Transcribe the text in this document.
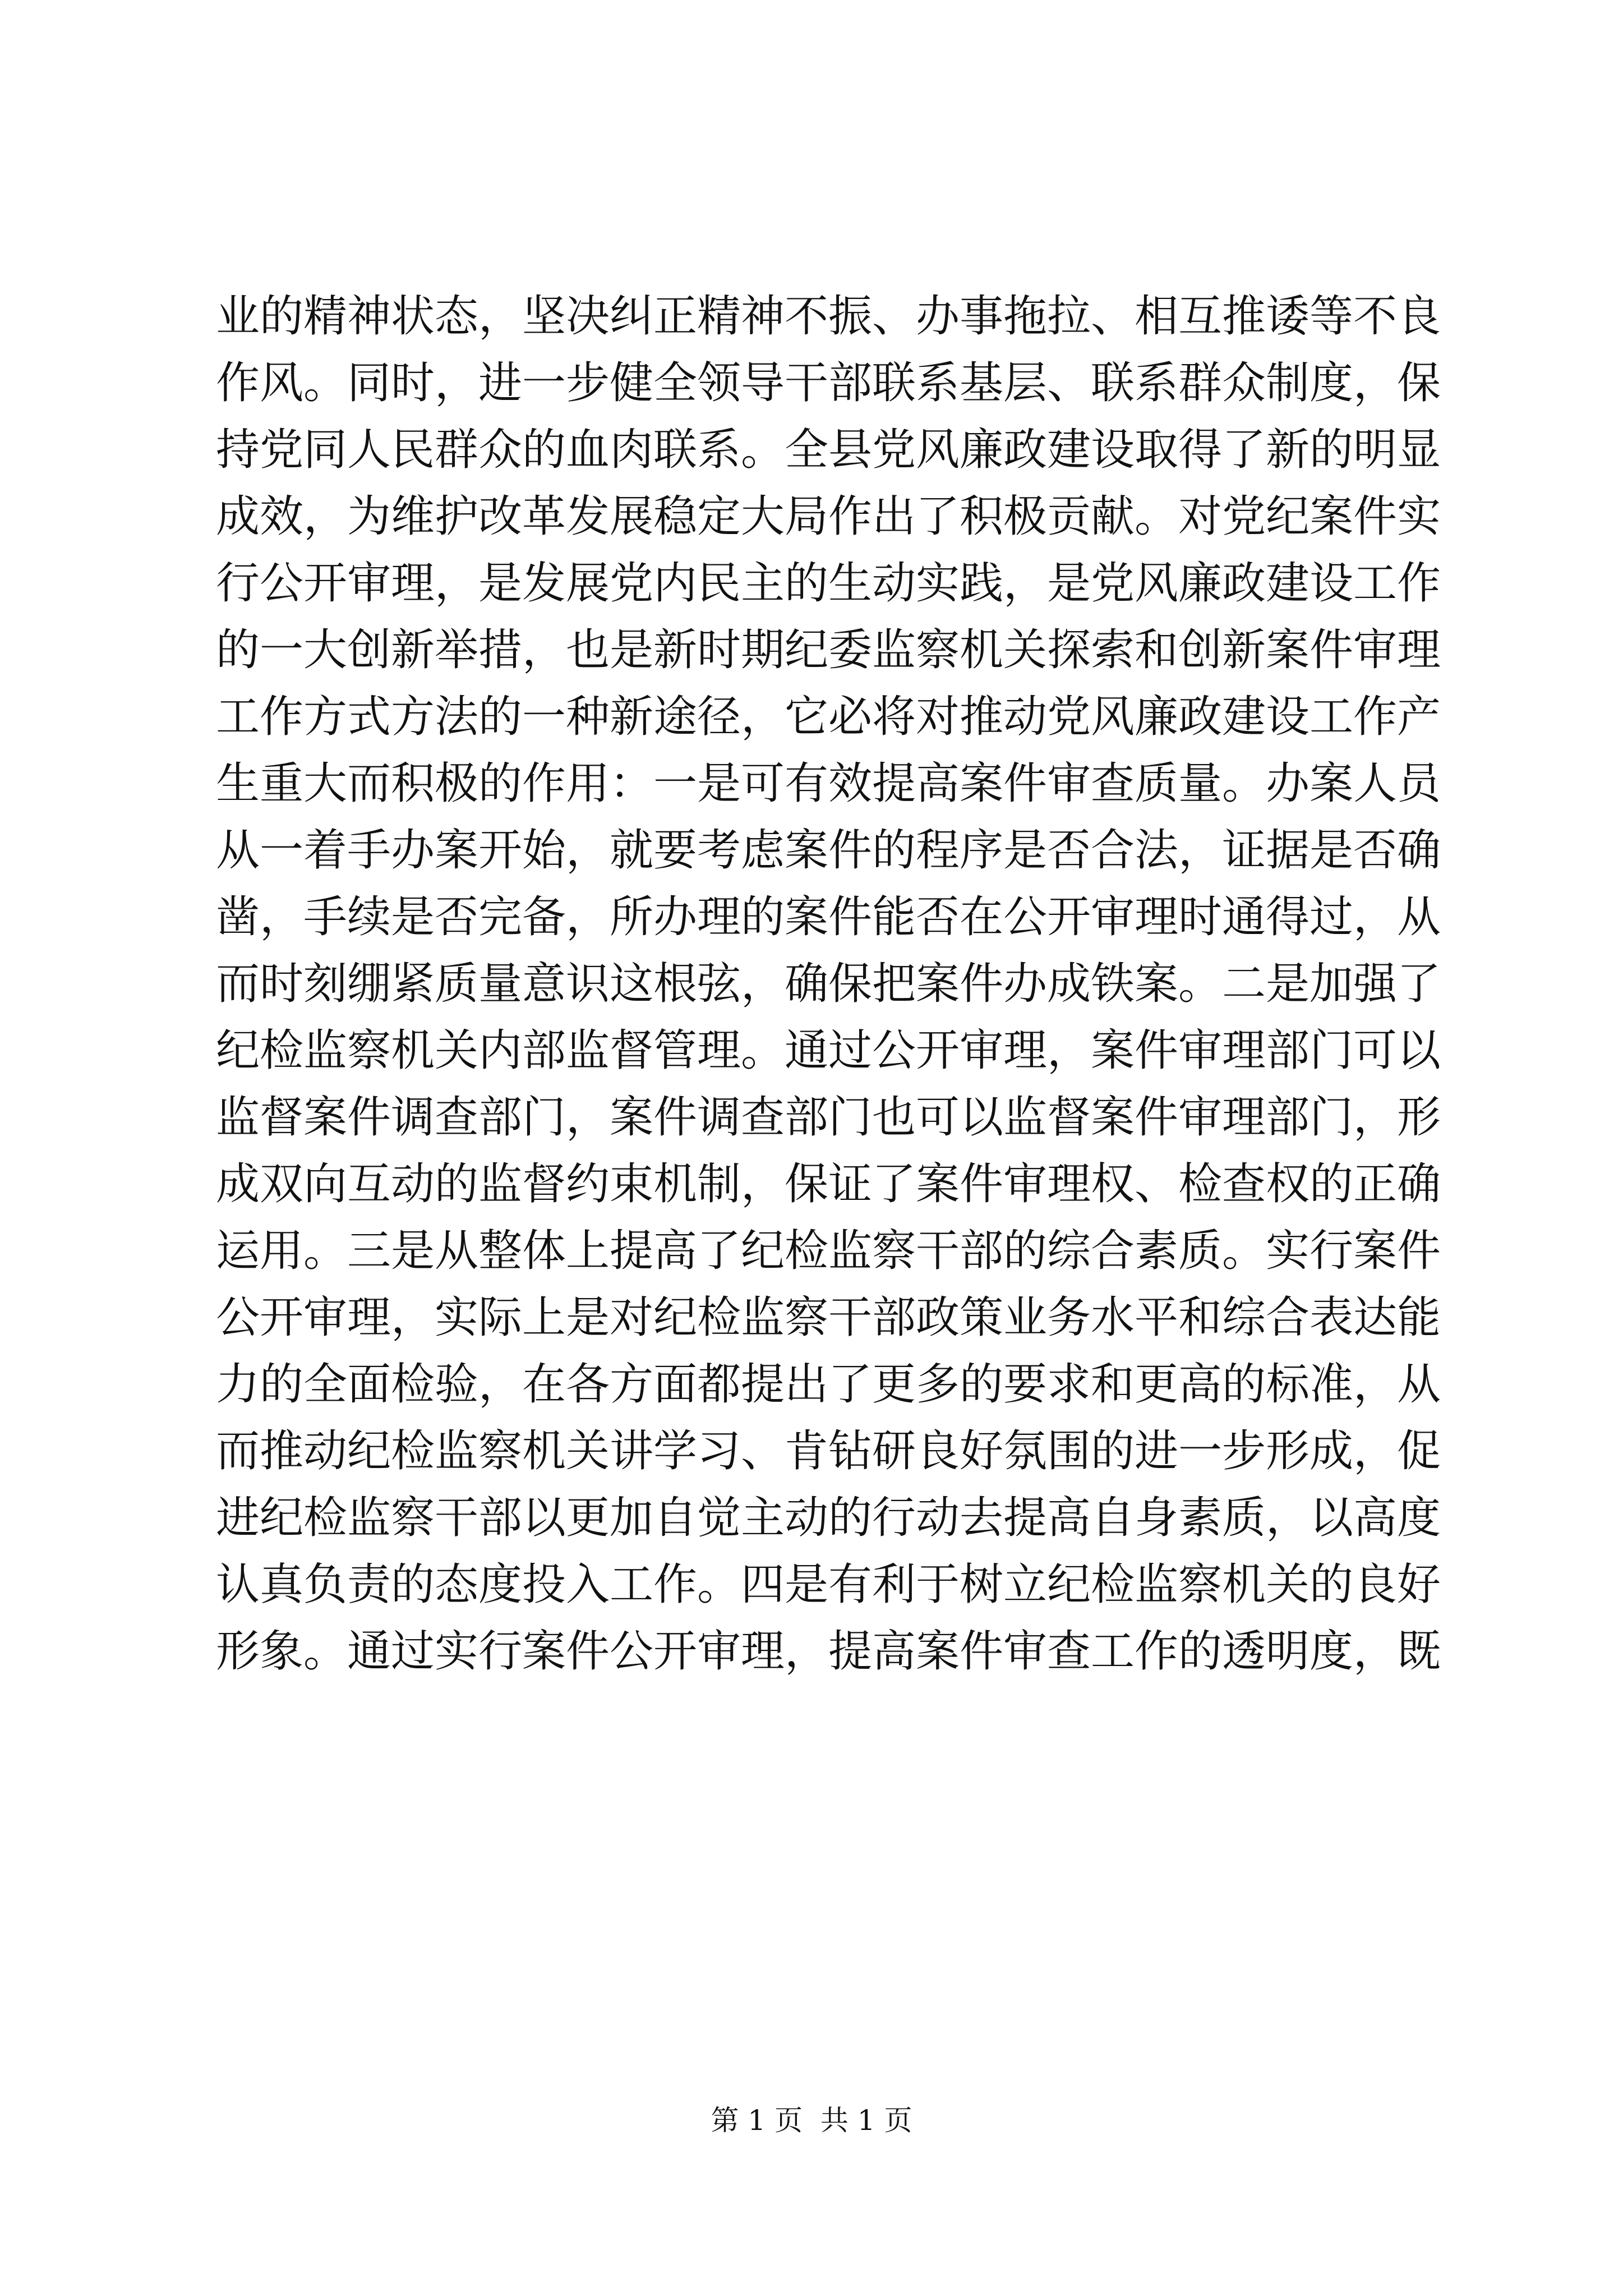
业的精神状态，坚决纠正精神不振、办事拖拉、相互推诿等不良
作风。同时，进一步健全领导干部联系基层、联系群众制度，保
持党同人民群众的血肉联系。全县党风廉政建设取得了新的明显
成效，为维护改革发展稳定大局作出了积极贡献。对党纪案件实
行公开审理，是发展党内民主的生动实践，是党风廉政建设工作
的一大创新举措，也是新时期纪委监察机关探索和创新案件审理
工作方式方法的一种新途径，它必将对推动党风廉政建设工作产
生重大而积极的作用：一是可有效提高案件审查质量。办案人员
从一着手办案开始，就要考虑案件的程序是否合法，证据是否确
凿，手续是否完备，所办理的案件能否在公开审理时通得过，从
而时刻绷紧质量意识这根弦，确保把案件办成铁案。二是加强了
纪检监察机关内部监督管理。通过公开审理，案件审理部门可以
监督案件调查部门，案件调查部门也可以监督案件审理部门，形
成双向互动的监督约束机制，保证了案件审理权、检查权的正确
运用。三是从整体上提高了纪检监察干部的综合素质。实行案件
公开审理，实际上是对纪检监察干部政策业务水平和综合表达能
力的全面检验，在各方面都提出了更多的要求和更高的标准，从
而推动纪检监察机关讲学习、肯钻研良好氛围的进一步形成，促
进纪检监察干部以更加自觉主动的行动去提高自身素质，以高度
认真负责的态度投入工作。四是有利于树立纪检监察机关的良好
形象。通过实行案件公开审理，提高案件审查工作的透明度，既
第 1 页  共 1 页
